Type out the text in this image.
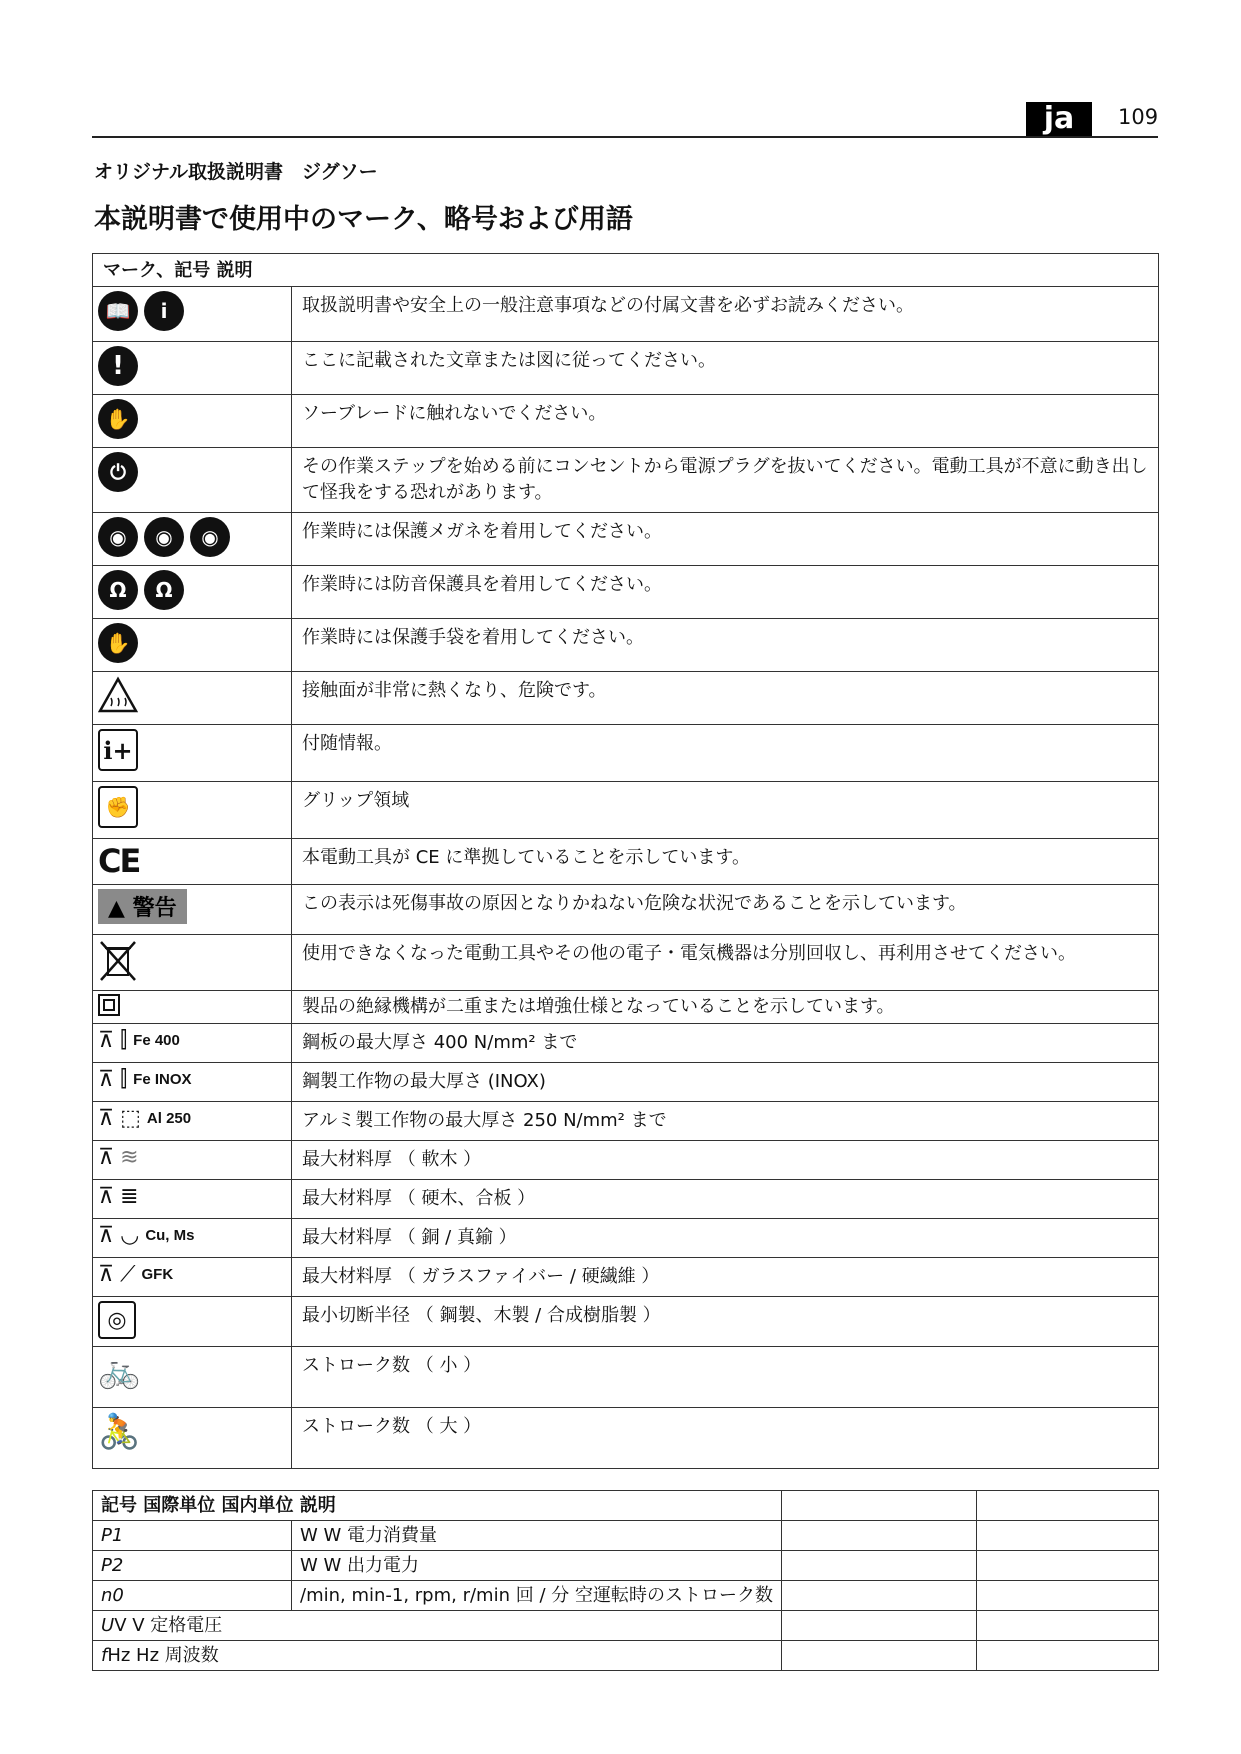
ja	109
オリジナル取扱説明書　ジグソー
本説明書で使用中のマーク、略号および用語
マーク、記号 説明	

📖 i	取扱説明書や安全上の一般注意事項などの付属文書を必ずお読みください。

!	ここに記載された文章または図に従ってください。

✋	ソーブレードに触れないでください。

⏻	その作業ステップを始める前にコンセントから電源プラグを抜いてください。電動工具が不意に動き出して怪我をする恐れがあります。

◉ ◉ ◉	作業時には保護メガネを着用してください。

Ω Ω	作業時には防音保護具を着用してください。

✋	作業時には保護手袋を着用してください。

	接触面が非常に熱くなり、危険です。

i+	付随情報。

✊	グリップ領域

CE	本電動工具が CE に準拠していることを示しています。

▲ 警告	この表示は死傷事故の原因となりかねない危険な状況であることを示しています。

	使用できなくなった電動工具やその他の電子・電気機器は分別回収し、再利用させてください。

	製品の絶縁機構が二重または増強仕様となっていることを示しています。

⊼ ⫿ Fe 400	鋼板の最大厚さ 400 N/mm² まで

⊼ ⫿ Fe INOX	鋼製工作物の最大厚さ (INOX)

⊼ ⬚ Al 250	アルミ製工作物の最大厚さ 250 N/mm² まで

⊼ ≋	最大材料厚 （ 軟木 ）

⊼ ≣	最大材料厚 （ 硬木、合板 ）

⊼ ◡ Cu, Ms	最大材料厚 （ 銅 / 真鍮 ）

⊼ ⟋ GFK	最大材料厚 （ ガラスファイバー / 硬繊維 ）

◎	最小切断半径 （ 鋼製、木製 / 合成樹脂製 ）

🚲	ストローク数 （ 小 ）

🚴	ストローク数 （ 大 ）
記号 国際単位 国内単位 説明			
P1	W W 電力消費量		
P2	W W 出力電力		
n0	/min, min-1, rpm, r/min 回 / 分 空運転時のストローク数		
UV V 定格電圧			
fHz Hz 周波数			
